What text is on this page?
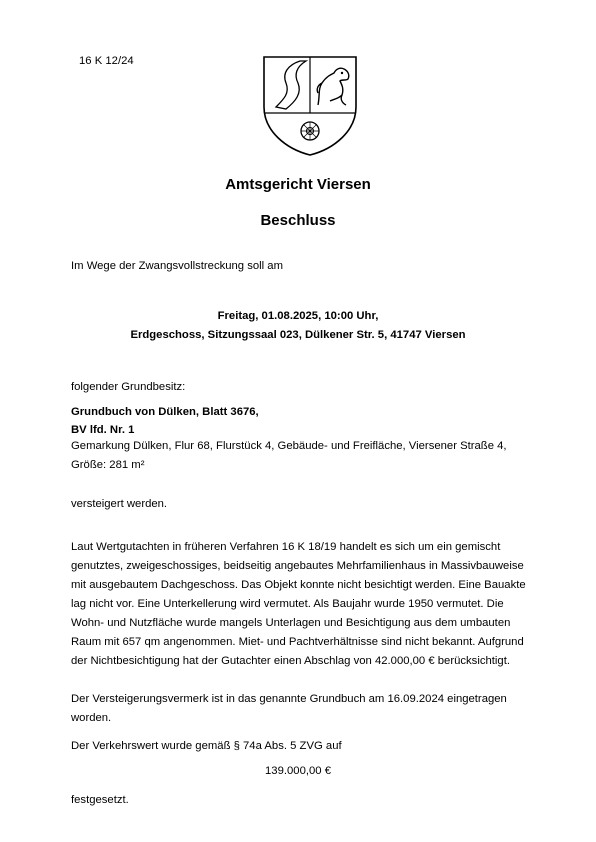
16 K 12/24
Amtsgericht Viersen
Beschluss
Im Wege der Zwangsvollstreckung soll am
Freitag, 01.08.2025, 10:00 Uhr,
Erdgeschoss, Sitzungssaal 023, Dülkener Str. 5, 41747 Viersen
folgender Grundbesitz:
Grundbuch von Dülken, Blatt 3676,
BV lfd. Nr. 1
Gemarkung Dülken, Flur 68, Flurstück 4, Gebäude- und Freifläche, Viersener Straße 4, Größe: 281 m²
versteigert werden.
Laut Wertgutachten in früheren Verfahren 16 K 18/19 handelt es sich um ein gemischt genutztes, zweigeschossiges, beidseitig angebautes Mehrfamilienhaus in Massivbauweise mit ausgebautem Dachgeschoss. Das Objekt konnte nicht besichtigt werden. Eine Bauakte lag nicht vor. Eine Unterkellerung wird vermutet. Als Baujahr wurde 1950 vermutet. Die Wohn- und Nutzfläche wurde mangels Unterlagen und Besichtigung aus dem umbauten Raum mit 657 qm angenommen. Miet- und Pachtverhältnisse sind nicht bekannt. Aufgrund der Nichtbesichtigung hat der Gutachter einen Abschlag von 42.000,00 € berücksichtigt.
Der Versteigerungsvermerk ist in das genannte Grundbuch am 16.09.2024 eingetragen worden.
Der Verkehrswert wurde gemäß § 74a Abs. 5 ZVG auf
139.000,00 €
festgesetzt.
